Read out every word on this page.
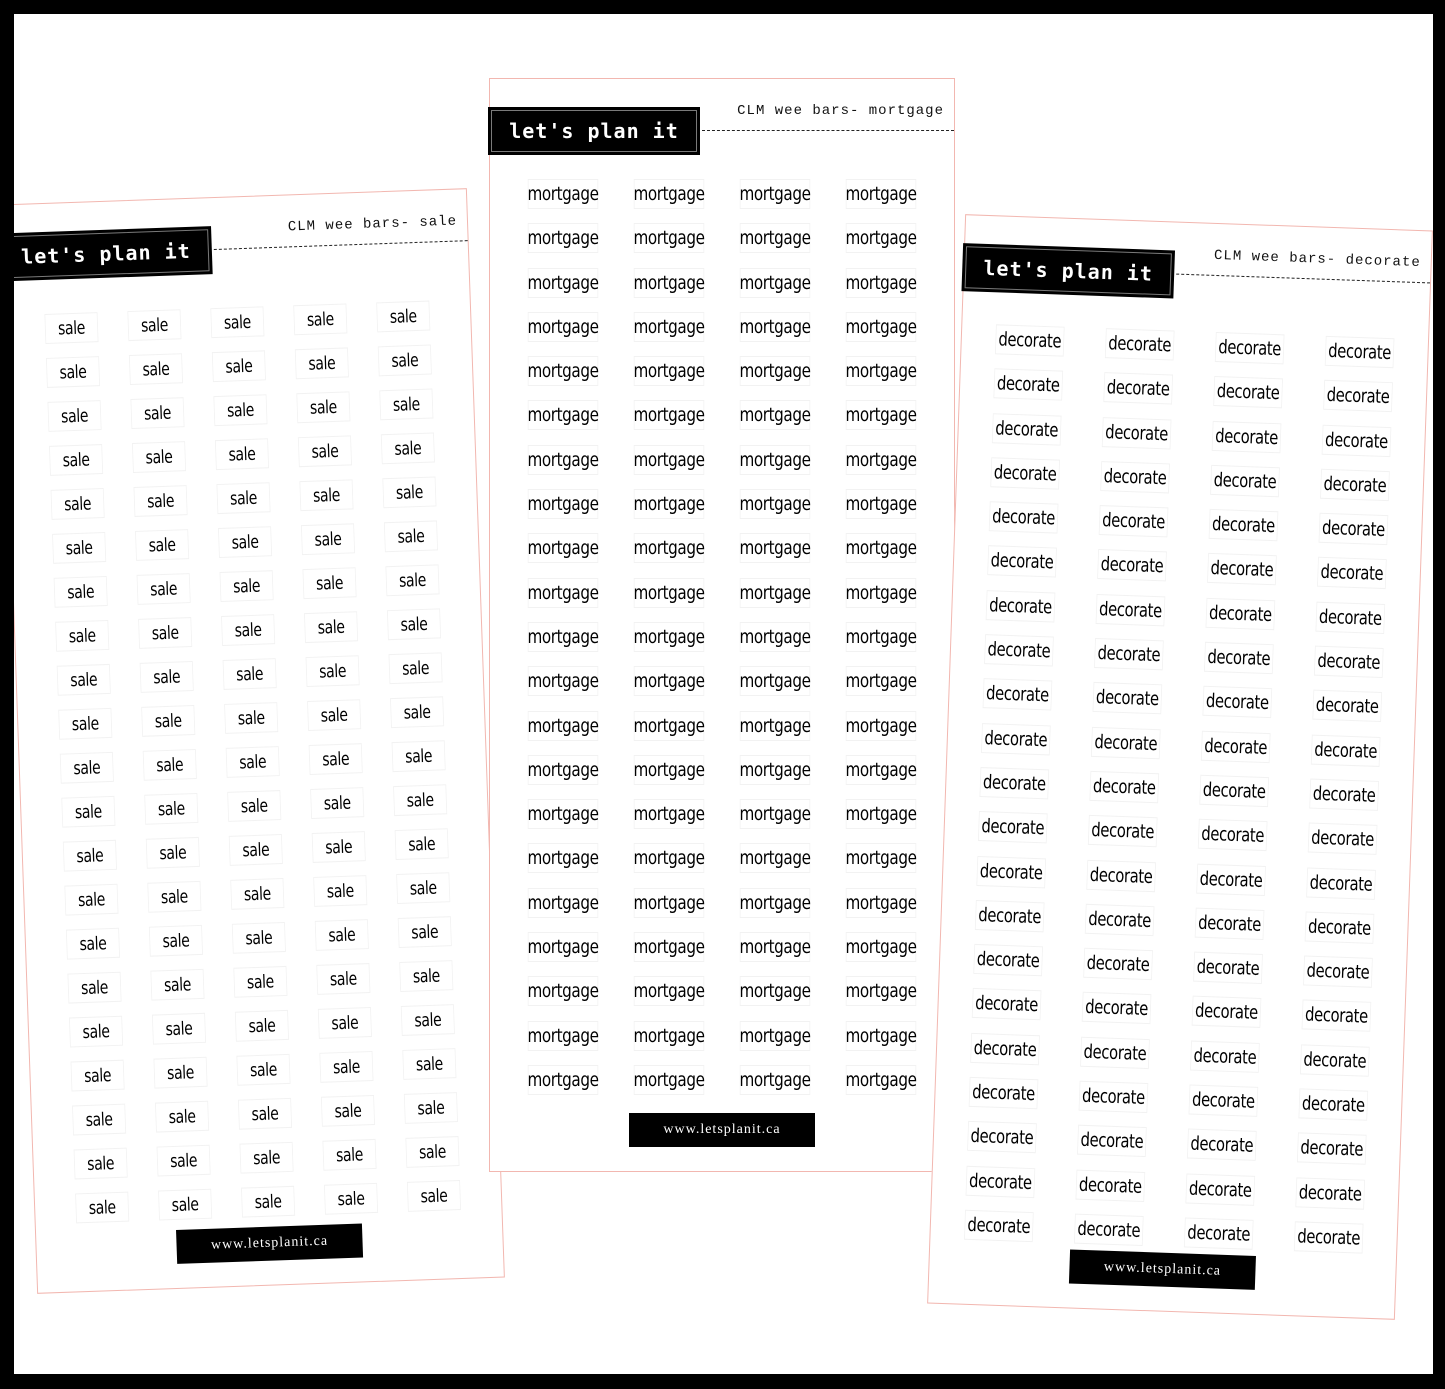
let's plan it
CLM wee bars- sale
sale	sale	sale	sale	sale
sale	sale	sale	sale	sale
sale	sale	sale	sale	sale
sale	sale	sale	sale	sale
sale	sale	sale	sale	sale
sale	sale	sale	sale	sale
sale	sale	sale	sale	sale
sale	sale	sale	sale	sale
sale	sale	sale	sale	sale
sale	sale	sale	sale	sale
sale	sale	sale	sale	sale
sale	sale	sale	sale	sale
sale	sale	sale	sale	sale
sale	sale	sale	sale	sale
sale	sale	sale	sale	sale
sale	sale	sale	sale	sale
sale	sale	sale	sale	sale
sale	sale	sale	sale	sale
sale	sale	sale	sale	sale
sale	sale	sale	sale	sale
sale	sale	sale	sale	sale
www.letsplanit.ca
let's plan it
CLM wee bars- mortgage
mortgage mortgage mortgage mortgage
mortgage mortgage mortgage mortgage
mortgage mortgage mortgage mortgage
mortgage mortgage mortgage mortgage
mortgage mortgage mortgage mortgage
mortgage mortgage mortgage mortgage
mortgage mortgage mortgage mortgage
mortgage mortgage mortgage mortgage
mortgage mortgage mortgage mortgage
mortgage mortgage mortgage mortgage
mortgage mortgage mortgage mortgage
mortgage mortgage mortgage mortgage
mortgage mortgage mortgage mortgage
mortgage mortgage mortgage mortgage
mortgage mortgage mortgage mortgage
mortgage mortgage mortgage mortgage
mortgage mortgage mortgage mortgage
mortgage mortgage mortgage mortgage
mortgage mortgage mortgage mortgage
mortgage mortgage mortgage mortgage
mortgage mortgage mortgage mortgage
www.letsplanit.ca
let's plan it	CLM wee bars- decorate
decorate decorate decorate decorate
decorate decorate decorate decorate
decorate decorate decorate decorate
decorate decorate decorate decorate
decorate decorate decorate decorate
decorate decorate decorate decorate
decorate decorate decorate decorate
decorate decorate decorate decorate
decorate decorate decorate decorate
decorate decorate decorate decorate
decorate decorate decorate decorate
decorate decorate decorate decorate
decorate decorate decorate decorate
decorate decorate decorate decorate
decorate decorate decorate decorate
decorate decorate decorate decorate
decorate decorate decorate decorate
decorate decorate decorate decorate
decorate decorate decorate decorate
decorate decorate decorate decorate
decorate decorate decorate decorate
www.letsplanit.ca
